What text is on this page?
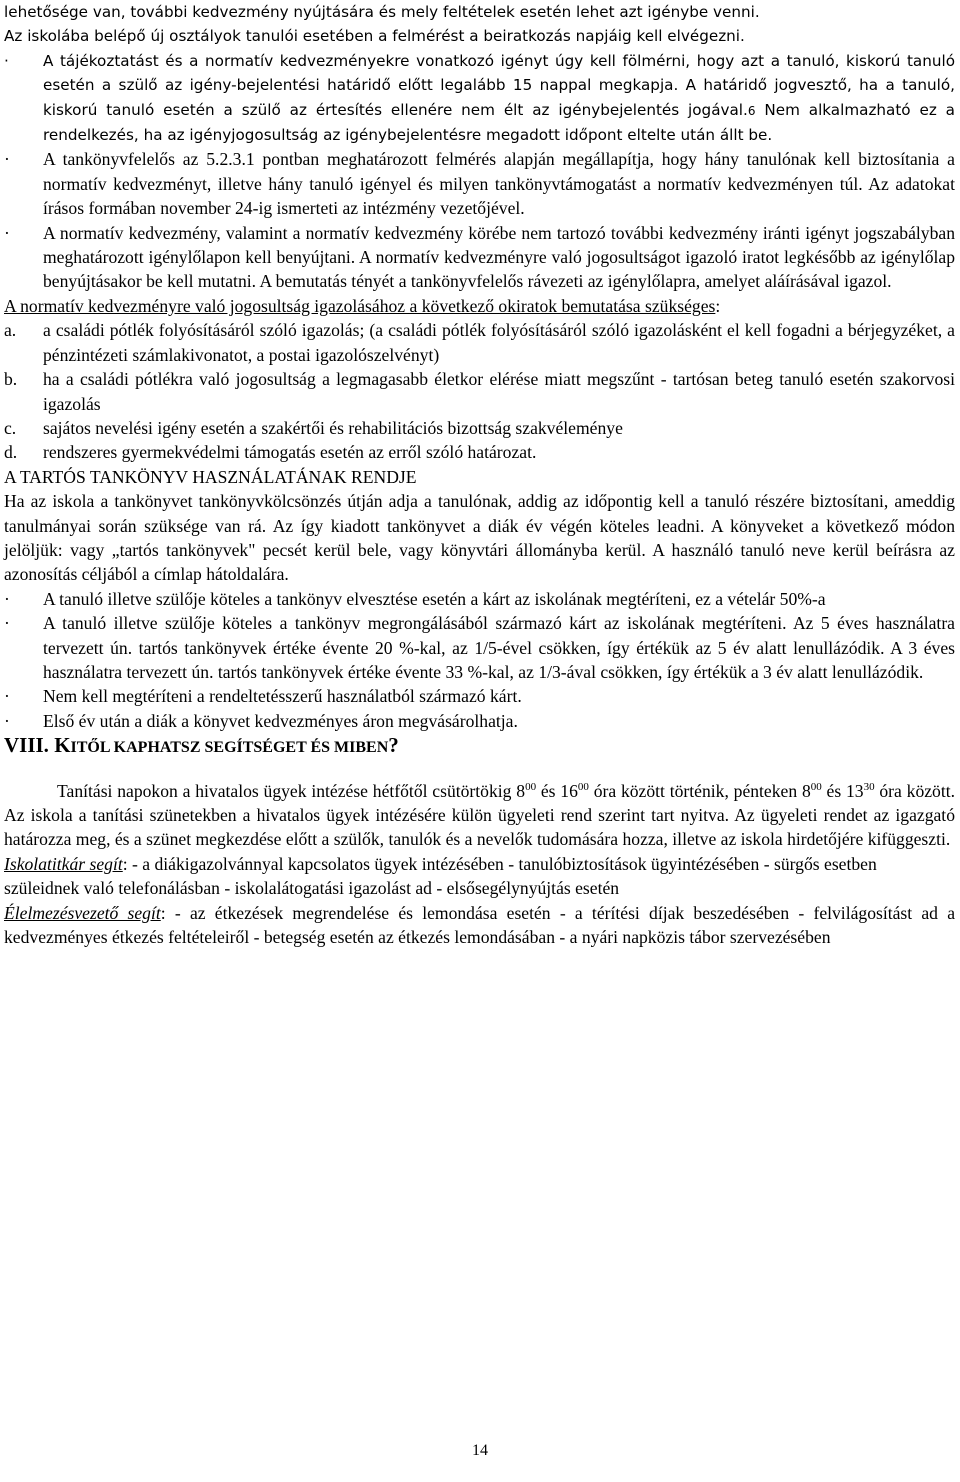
lehetősége van, további kedvezmény nyújtására és mely feltételek esetén lehet azt igénybe venni.

Az iskolába belépő új osztályok tanulói esetében a felmérést a beiratkozás napjáig kell elvégezni.

·	A tájékoztatást és a normatív kedvezményekre vonatkozó igényt úgy kell fölmérni, hogy azt a tanuló, kiskorú tanuló esetén a szülő az igény-bejelentési határidő előtt legalább 15 nappal megkapja. A határidő jogvesztő, ha a tanuló, kiskorú tanuló esetén a szülő az értesítés ellenére nem élt az igénybejelentés jogával.6 Nem alkalmazható ez a rendelkezés, ha az igényjogosultság az igénybejelentésre megadott időpont eltelte után állt be.
·	A tankönyvfelelős az 5.2.3.1 pontban meghatározott felmérés alapján megállapítja, hogy hány tanulónak kell biztosítania a normatív kedvezményt, illetve hány tanuló igényel és milyen tankönyvtámogatást a normatív kedvezményen túl. Az adatokat írásos formában november 24-ig ismerteti az intézmény vezetőjével.
·	A normatív kedvezmény, valamint a normatív kedvezmény körébe nem tartozó további kedvezmény iránti igényt jogszabályban meghatározott igénylőlapon kell benyújtani. A normatív kedvezményre való jogosultságot igazoló iratot legkésőbb az igénylőlap benyújtásakor be kell mutatni. A bemutatás tényét a tankönyvfelelős rávezeti az igénylőlapra, amelyet aláírásával igazol.

A normatív kedvezményre való jogosultság igazolásához a következő okiratok bemutatása szükséges:

a.	a családi pótlék folyósításáról szóló igazolás; (a családi pótlék folyósításáról szóló igazolásként el kell fogadni a bérjegyzéket, a pénzintézeti számlakivonatot, a postai igazolószelvényt)
b.	ha a családi pótlékra való jogosultság a legmagasabb életkor elérése miatt megszűnt - tartósan beteg tanuló esetén szakorvosi igazolás
c.	sajátos nevelési igény esetén a szakértői és rehabilitációs bizottság szakvéleménye
d.	rendszeres gyermekvédelmi támogatás esetén az erről szóló határozat.

A TARTÓS TANKÖNYV HASZNÁLATÁNAK RENDJE

Ha az iskola a tankönyvet tankönyvkölcsönzés útján adja a tanulónak, addig az időpontig kell a tanuló részére biztosítani, ameddig tanulmányai során szüksége van rá. Az így kiadott tankönyvet a diák év végén köteles leadni. A könyveket a következő módon jelöljük: vagy „tartós tankönyvek" pecsét kerül bele, vagy könyvtári állományba kerül. A használó tanuló neve kerül beírásra az azonosítás céljából a címlap hátoldalára.

·	A tanuló illetve szülője köteles a tankönyv elvesztése esetén a kárt az iskolának megtéríteni, ez a vételár 50%-a
·	A tanuló illetve szülője köteles a tankönyv megrongálásából származó kárt az iskolának megtéríteni. Az 5 éves használatra tervezett ún. tartós tankönyvek értéke évente 20 %-kal, az 1/5-ével csökken, így értékük az 5 év alatt lenullázódik. A 3 éves használatra tervezett ún. tartós tankönyvek értéke évente 33 %-kal, az 1/3-ával csökken, így értékük a 3 év alatt lenullázódik.
·	Nem kell megtéríteni a rendeltetésszerű használatból származó kárt.
·	Első év után a diák a könyvet kedvezményes áron megvásárolhatja.

VIII. KITŐL KAPHATSZ SEGÍTSÉGET ÉS MIBEN?

Tanítási napokon a hivatalos ügyek intézése hétfőtől csütörtökig $8^{00}$ és $16^{00}$ óra között történik, pénteken $8^{00}$ és $13^{30}$ óra között. Az iskola a tanítási szünetekben a hivatalos ügyek intézésére külön ügyeleti rend szerint tart nyitva. Az ügyeleti rendet az igazgató határozza meg, és a szünet megkezdése előtt a szülők, tanulók és a nevelők tudomására hozza, illetve az iskola hirdetőjére kifüggeszti.

Iskolatitkár segít: - a diákigazolvánnyal kapcsolatos ügyek intézésében - tanulóbiztosítások ügyintézésében - sürgős esetben szüleidnek való telefonálásban - iskolalátogatási igazolást ad - elsősegélynyújtás esetén

Élelmezésvezető segít: - az étkezések megrendelése és lemondása esetén - a térítési díjak beszedésében - felvilágosítást ad a kedvezményes étkezés feltételeiről - betegség esetén az étkezés lemondásában - a nyári napközis tábor szervezésében

14
